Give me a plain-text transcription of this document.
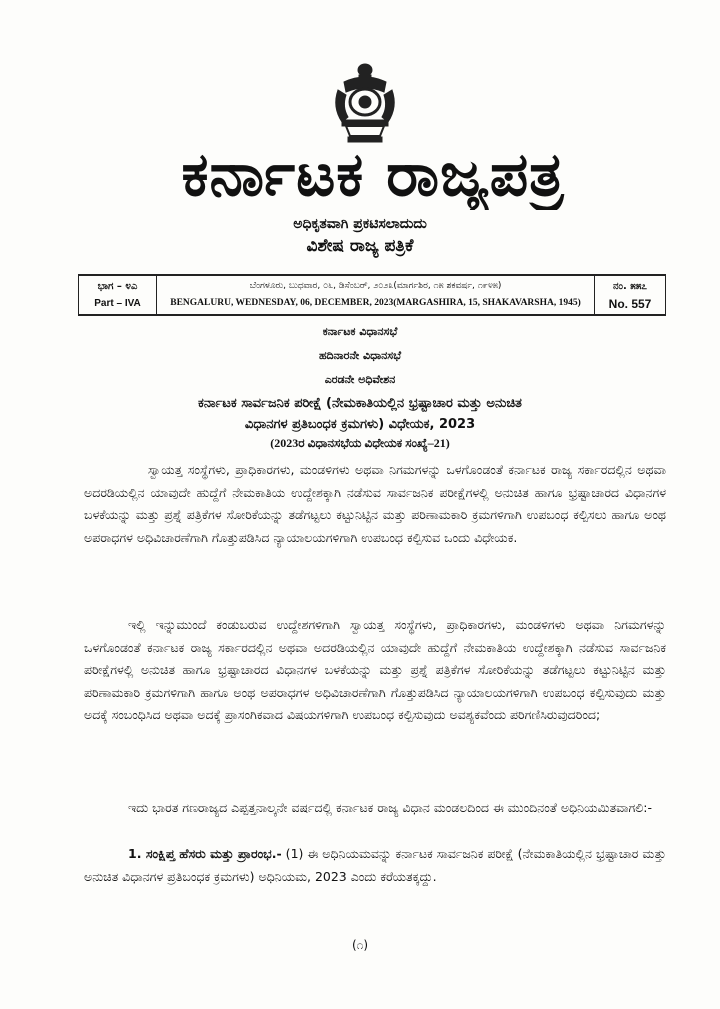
ಕರ್ನಾಟಕ ರಾಜ್ಯಪತ್ರ
ಅಧಿಕೃತವಾಗಿ ಪ್ರಕಟಿಸಲಾದುದು
ವಿಶೇಷ ರಾಜ್ಯ ಪತ್ರಿಕೆ
ಭಾಗ – ೪ಎ
Part – IVA
ಬೆಂಗಳೂರು, ಬುಧವಾರ, ೦೬, ಡಿಸೆಂಬರ್, ೨೦೨೩(ಮಾರ್ಗಶಿರ, ೧೫ ಶಕವರ್ಷ, ೧೯೪೫)
BENGALURU, WEDNESDAY, 06, DECEMBER, 2023(MARGASHIRA, 15, SHAKAVARSHA, 1945)
ನಂ. ೫೫೭
No. 557
ಕರ್ನಾಟಕ ವಿಧಾನಸಭೆ
ಹದಿನಾರನೇ ವಿಧಾನಸಭೆ
ಎರಡನೇ ಅಧಿವೇಶನ
ಕರ್ನಾಟಕ ಸಾರ್ವಜನಿಕ ಪರೀಕ್ಷೆ (ನೇಮಕಾತಿಯಲ್ಲಿನ ಭ್ರಷ್ಟಾಚಾರ ಮತ್ತು ಅನುಚಿತ
ವಿಧಾನಗಳ ಪ್ರತಿಬಂಧಕ ಕ್ರಮಗಳು) ವಿಧೇಯಕ, 2023
(2023ರ ವಿಧಾನಸಭೆಯ ವಿಧೇಯಕ ಸಂಖ್ಯೆ–21)
ಸ್ವಾಯತ್ತ ಸಂಸ್ಥೆಗಳು, ಪ್ರಾಧಿಕಾರಗಳು, ಮಂಡಳಿಗಳು ಅಥವಾ ನಿಗಮಗಳನ್ನು ಒಳಗೊಂಡಂತೆ ಕರ್ನಾಟಕ ರಾಜ್ಯ ಸರ್ಕಾರದಲ್ಲಿನ ಅಥವಾ ಅದರಡಿಯಲ್ಲಿನ ಯಾವುದೇ ಹುದ್ದೆಗೆ ನೇಮಕಾತಿಯ ಉದ್ದೇಶಕ್ಕಾಗಿ ನಡೆಸುವ ಸಾರ್ವಜನಿಕ ಪರೀಕ್ಷೆಗಳಲ್ಲಿ ಅನುಚಿತ ಹಾಗೂ ಭ್ರಷ್ಟಾಚಾರದ ವಿಧಾನಗಳ ಬಳಕೆಯನ್ನು ಮತ್ತು ಪ್ರಶ್ನೆ ಪತ್ರಿಕೆಗಳ ಸೋರಿಕೆಯನ್ನು ತಡೆಗಟ್ಟಲು ಕಟ್ಟುನಿಟ್ಟಿನ ಮತ್ತು ಪರಿಣಾಮಕಾರಿ ಕ್ರಮಗಳಿಗಾಗಿ ಉಪಬಂಧ ಕಲ್ಪಿಸಲು ಹಾಗೂ ಅಂಥ ಅಪರಾಧಗಳ ಅಧಿವಿಚಾರಣೆಗಾಗಿ ಗೊತ್ತುಪಡಿಸಿದ ನ್ಯಾಯಾಲಯಗಳಿಗಾಗಿ ಉಪಬಂಧ ಕಲ್ಪಿಸುವ ಒಂದು ವಿಧೇಯಕ.
ಇಲ್ಲಿ ಇನ್ನುಮುಂದೆ ಕಂಡುಬರುವ ಉದ್ದೇಶಗಳಿಗಾಗಿ ಸ್ವಾಯತ್ತ ಸಂಸ್ಥೆಗಳು, ಪ್ರಾಧಿಕಾರಗಳು, ಮಂಡಳಿಗಳು ಅಥವಾ ನಿಗಮಗಳನ್ನು ಒಳಗೊಂಡಂತೆ ಕರ್ನಾಟಕ ರಾಜ್ಯ ಸರ್ಕಾರದಲ್ಲಿನ ಅಥವಾ ಅದರಡಿಯಲ್ಲಿನ ಯಾವುದೇ ಹುದ್ದೆಗೆ ನೇಮಕಾತಿಯ ಉದ್ದೇಶಕ್ಕಾಗಿ ನಡೆಸುವ ಸಾರ್ವಜನಿಕ ಪರೀಕ್ಷೆಗಳಲ್ಲಿ ಅನುಚಿತ ಹಾಗೂ ಭ್ರಷ್ಟಾಚಾರದ ವಿಧಾನಗಳ ಬಳಕೆಯನ್ನು ಮತ್ತು ಪ್ರಶ್ನೆ ಪತ್ರಿಕೆಗಳ ಸೋರಿಕೆಯನ್ನು ತಡೆಗಟ್ಟಲು ಕಟ್ಟುನಿಟ್ಟಿನ ಮತ್ತು ಪರಿಣಾಮಕಾರಿ ಕ್ರಮಗಳಿಗಾಗಿ ಹಾಗೂ ಅಂಥ ಅಪರಾಧಗಳ ಅಧಿವಿಚಾರಣೆಗಾಗಿ ಗೊತ್ತುಪಡಿಸಿದ ನ್ಯಾಯಾಲಯಗಳಿಗಾಗಿ ಉಪಬಂಧ ಕಲ್ಪಿಸುವುದು ಮತ್ತು ಅದಕ್ಕೆ ಸಂಬಂಧಿಸಿದ ಅಥವಾ ಅದಕ್ಕೆ ಪ್ರಾಸಂಗಿಕವಾದ ವಿಷಯಗಳಿಗಾಗಿ ಉಪಬಂಧ ಕಲ್ಪಿಸುವುದು ಅವಶ್ಯಕವೆಂದು ಪರಿಗಣಿಸಿರುವುದರಿಂದ;
ಇದು ಭಾರತ ಗಣರಾಜ್ಯದ ಎಪ್ಪತ್ತನಾಲ್ಕನೇ ವರ್ಷದಲ್ಲಿ ಕರ್ನಾಟಕ ರಾಜ್ಯ ವಿಧಾನ ಮಂಡಲದಿಂದ ಈ ಮುಂದಿನಂತೆ ಅಧಿನಿಯಮಿತವಾಗಲಿ:-
1. ಸಂಕ್ಷಿಪ್ತ ಹೆಸರು ಮತ್ತು ಪ್ರಾರಂಭ.- (1) ಈ ಅಧಿನಿಯಮವನ್ನು ಕರ್ನಾಟಕ ಸಾರ್ವಜನಿಕ ಪರೀಕ್ಷೆ (ನೇಮಕಾತಿಯಲ್ಲಿನ ಭ್ರಷ್ಟಾಚಾರ ಮತ್ತು ಅನುಚಿತ ವಿಧಾನಗಳ ಪ್ರತಿಬಂಧಕ ಕ್ರಮಗಳು) ಅಧಿನಿಯಮ, 2023 ಎಂದು ಕರೆಯತಕ್ಕದ್ದು.
(೧)
